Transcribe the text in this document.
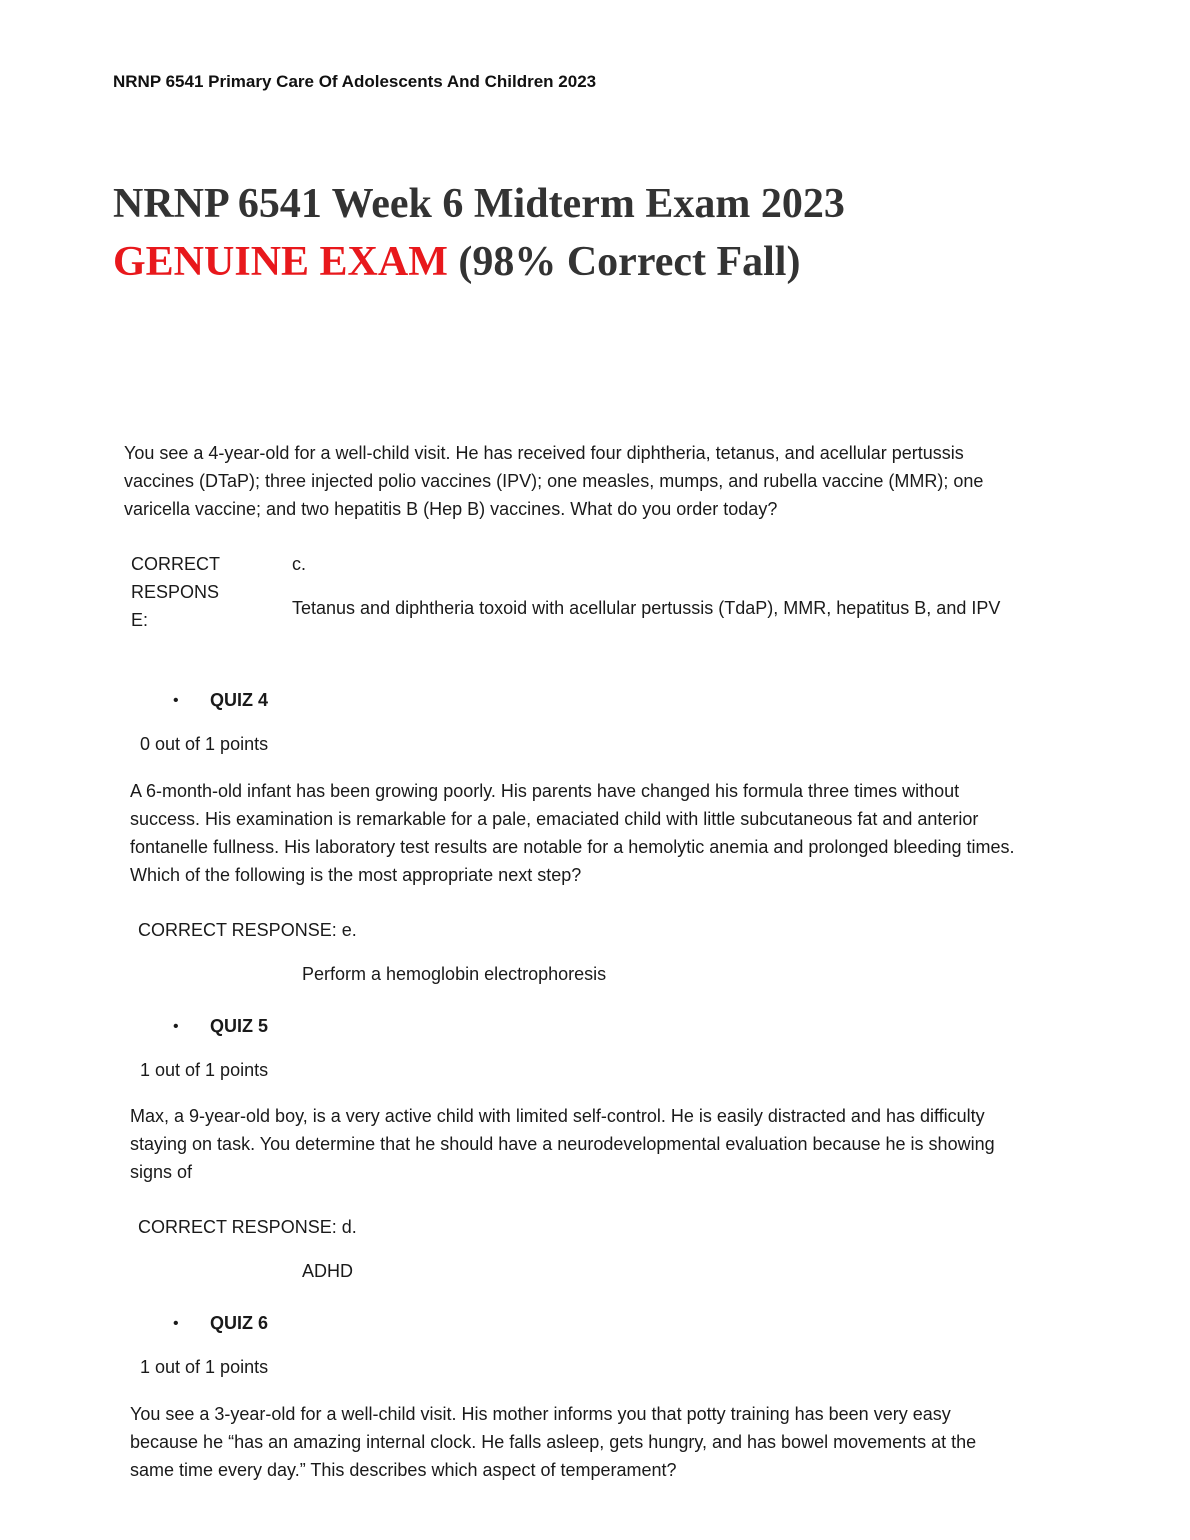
NRNP 6541 Primary Care Of Adolescents And Children 2023
NRNP 6541 Week 6 Midterm Exam 2023
GENUINE EXAM (98% Correct Fall)
You see a 4-year-old for a well-child visit. He has received four diphtheria, tetanus, and acellular pertussis vaccines (DTaP); three injected polio vaccines (IPV); one measles, mumps, and rubella vaccine (MMR); one varicella vaccine; and two hepatitis B (Hep B) vaccines. What do you order today?
CORRECT RESPONSE:
c.
Tetanus and diphtheria toxoid with acellular pertussis (TdaP), MMR, hepatitus B, and IPV
• QUIZ 4
0 out of 1 points
A 6-month-old infant has been growing poorly. His parents have changed his formula three times without success. His examination is remarkable for a pale, emaciated child with little subcutaneous fat and anterior fontanelle fullness. His laboratory test results are notable for a hemolytic anemia and prolonged bleeding times. Which of the following is the most appropriate next step?
CORRECT RESPONSE: e.
Perform a hemoglobin electrophoresis
• QUIZ 5
1 out of 1 points
Max, a 9-year-old boy, is a very active child with limited self-control. He is easily distracted and has difficulty staying on task. You determine that he should have a neurodevelopmental evaluation because he is showing signs of
CORRECT RESPONSE: d.
ADHD
• QUIZ 6
1 out of 1 points
You see a 3-year-old for a well-child visit. His mother informs you that potty training has been very easy because he “has an amazing internal clock. He falls asleep, gets hungry, and has bowel movements at the same time every day.” This describes which aspect of temperament?
